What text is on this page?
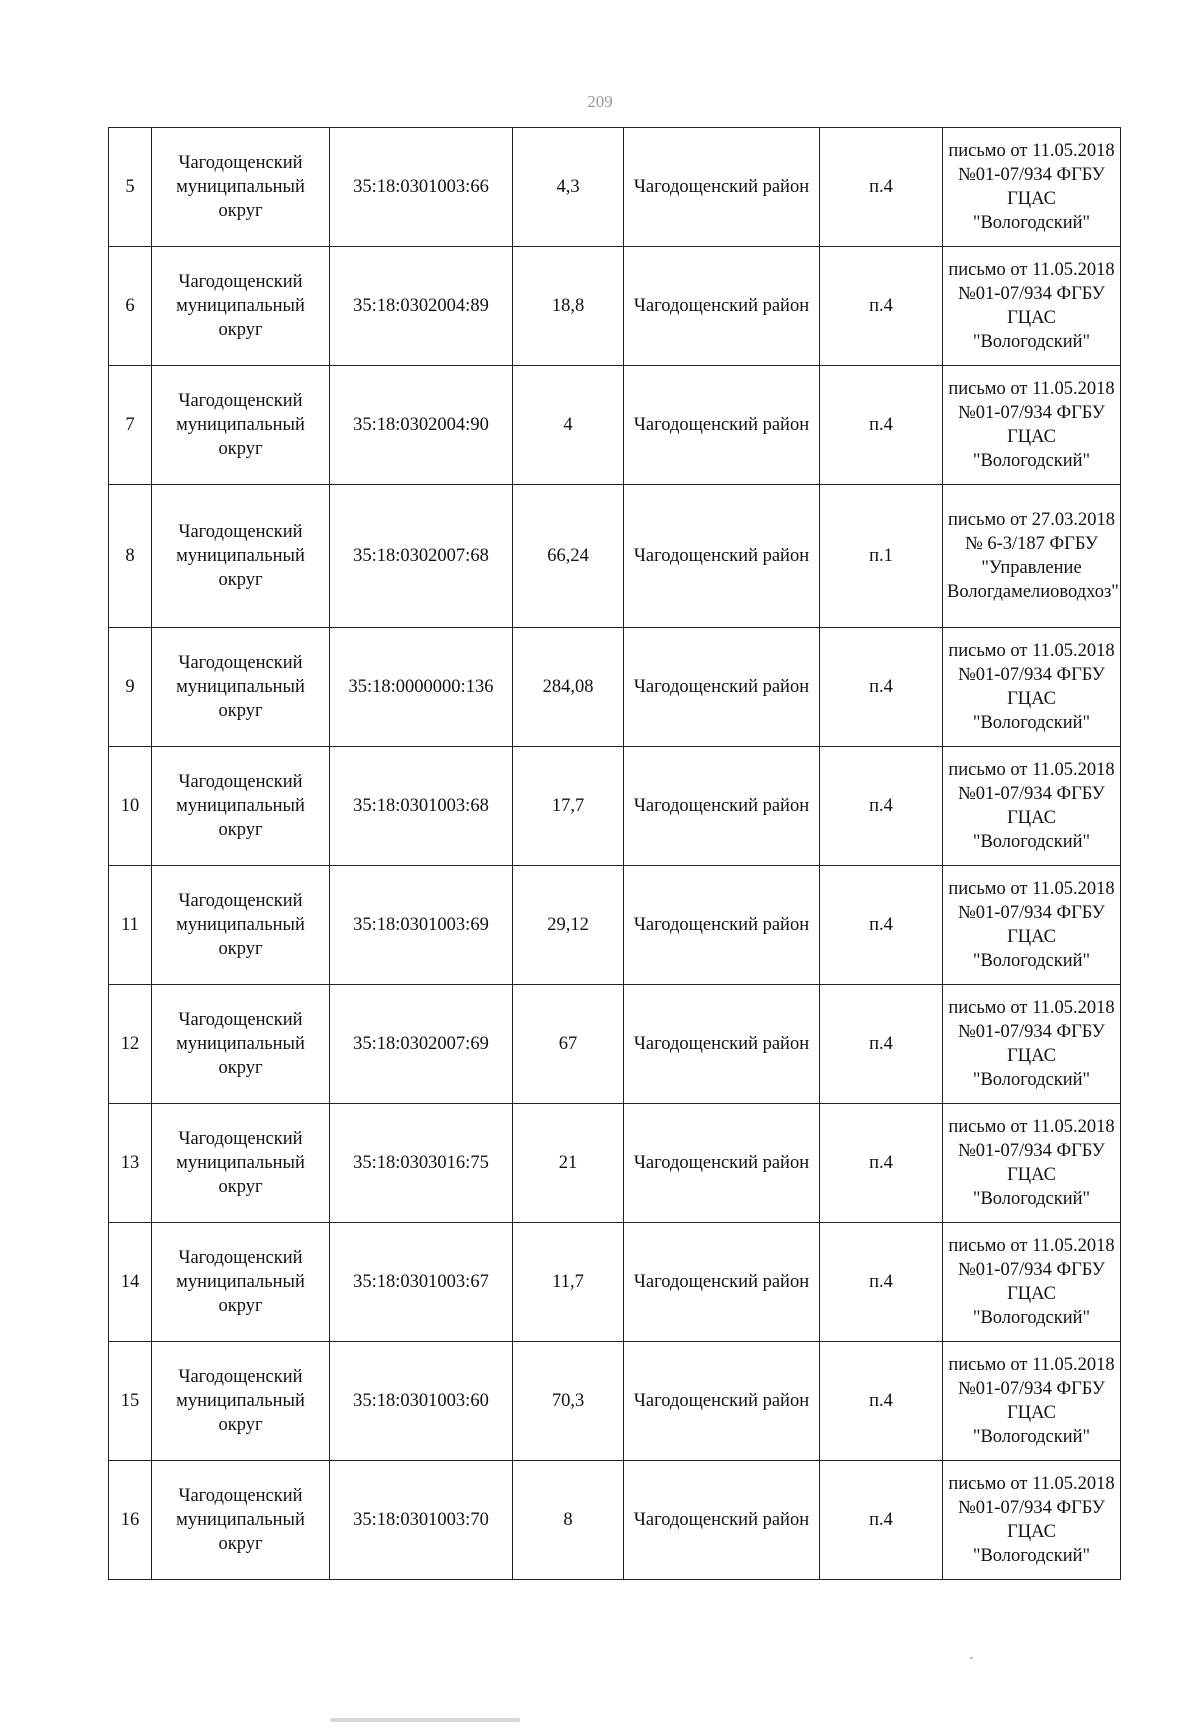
209
5	Чагодощенский муниципальный округ	35:18:0301003:66	4,3	Чагодощенский район	п.4	письмо от 11.05.2018 №01-07/934 ФГБУ ГЦАС "Вологодский"
6	Чагодощенский муниципальный округ	35:18:0302004:89	18,8	Чагодощенский район	п.4	письмо от 11.05.2018 №01-07/934 ФГБУ ГЦАС "Вологодский"
7	Чагодощенский муниципальный округ	35:18:0302004:90	4	Чагодощенский район	п.4	письмо от 11.05.2018 №01-07/934 ФГБУ ГЦАС "Вологодский"
8	Чагодощенский муниципальный округ	35:18:0302007:68	66,24	Чагодощенский район	п.1	письмо от 27.03.2018 № 6-3/187 ФГБУ "Управление Вологдамелиоводхоз"
9	Чагодощенский муниципальный округ	35:18:0000000:136	284,08	Чагодощенский район	п.4	письмо от 11.05.2018 №01-07/934 ФГБУ ГЦАС "Вологодский"
10	Чагодощенский муниципальный округ	35:18:0301003:68	17,7	Чагодощенский район	п.4	письмо от 11.05.2018 №01-07/934 ФГБУ ГЦАС "Вологодский"
11	Чагодощенский муниципальный округ	35:18:0301003:69	29,12	Чагодощенский район	п.4	письмо от 11.05.2018 №01-07/934 ФГБУ ГЦАС "Вологодский"
12	Чагодощенский муниципальный округ	35:18:0302007:69	67	Чагодощенский район	п.4	письмо от 11.05.2018 №01-07/934 ФГБУ ГЦАС "Вологодский"
13	Чагодощенский муниципальный округ	35:18:0303016:75	21	Чагодощенский район	п.4	письмо от 11.05.2018 №01-07/934 ФГБУ ГЦАС "Вологодский"
14	Чагодощенский муниципальный округ	35:18:0301003:67	11,7	Чагодощенский район	п.4	письмо от 11.05.2018 №01-07/934 ФГБУ ГЦАС "Вологодский"
15	Чагодощенский муниципальный округ	35:18:0301003:60	70,3	Чагодощенский район	п.4	письмо от 11.05.2018 №01-07/934 ФГБУ ГЦАС "Вологодский"
16	Чагодощенский муниципальный округ	35:18:0301003:70	8	Чагодощенский район	п.4	письмо от 11.05.2018 №01-07/934 ФГБУ ГЦАС "Вологодский"
